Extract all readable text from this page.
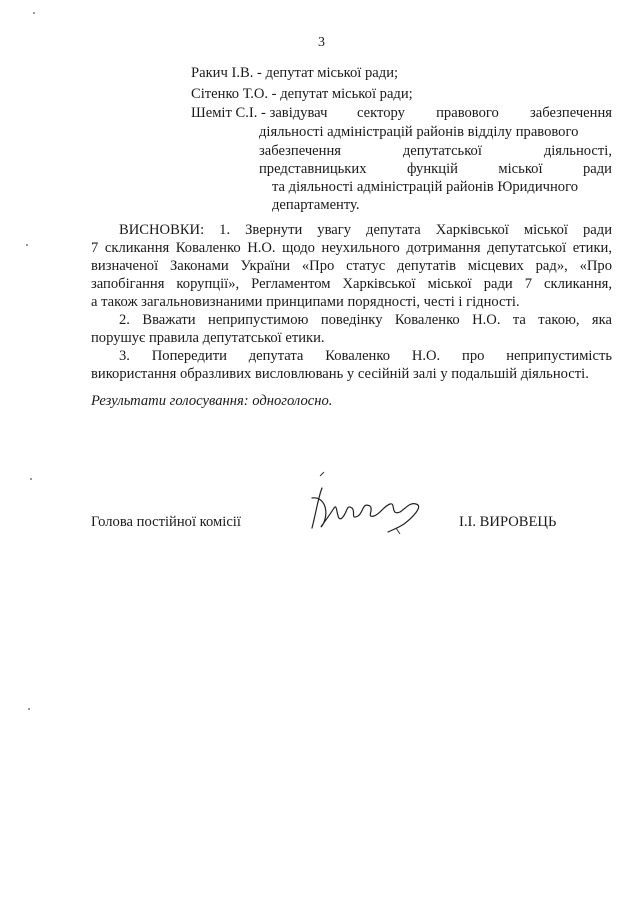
3
Ракич І.В. - депутат міської ради;
Сітенко Т.О. - депутат міської ради;
Шеміт С.І. - завідувач сектору правового забезпечення
діяльності адміністрацій районів відділу правового
забезпечення	депутатської	діяльності,
представницьких	функцій	міської	ради
та діяльності адміністрацій районів Юридичного
департаменту.
ВИСНОВКИ: 1. Звернути увагу депутата Харківської міської ради
7 скликання Коваленко Н.О. щодо неухильного дотримання депутатської етики,
визначеної Законами України «Про статус депутатів місцевих рад», «Про
запобігання корупції», Регламентом Харківської міської ради 7 скликання,
а також загальновизнаними принципами порядності, честі і гідності.
2. Вважати неприпустимою поведінку Коваленко Н.О. та такою, яка
порушує правила депутатської етики.
3. Попередити депутата Коваленко Н.О. про неприпустимість
використання образливих висловлювань у сесійній залі у подальшій діяльності.
Результати голосування: одноголосно.
Голова постійної комісії	І.І. ВИРОВЕЦЬ
